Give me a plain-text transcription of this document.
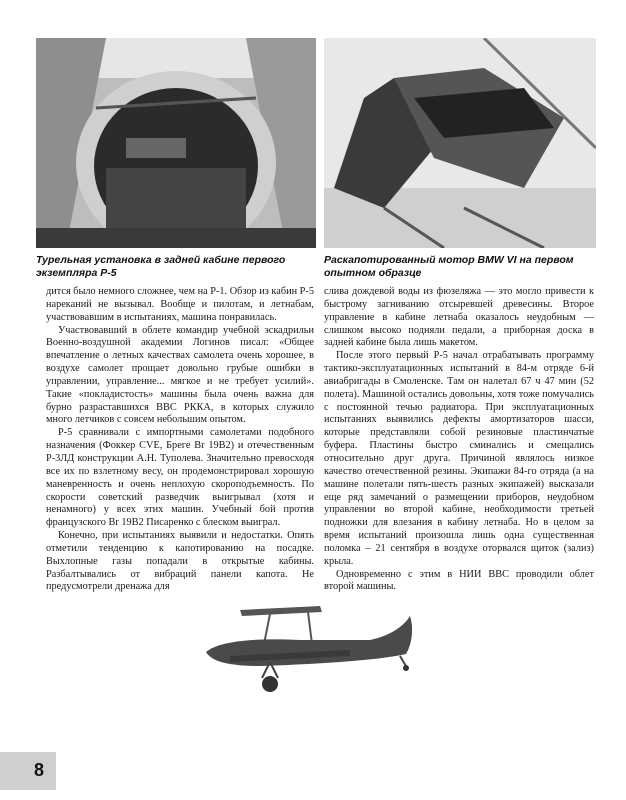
Турельная установка в задней кабине первого экземпляра Р-5
Раскапотированный мотор BMW VI на первом опытном образце

дится было немного сложнее, чем на Р-1. Обзор из кабин Р-5 нареканий не вызывал. Вообще и пилотам, и летнабам, участвовавшим в испытаниях, машина понравилась.

Участвовавший в облете командир учебной эскадрильи Военно-воздушной академии Логинов писал: «Общее впечатление о летных качествах самолета очень хорошее, в воздухе самолет прощает довольно грубые ошибки в управлении, управление... мягкое и не требует усилий». Такие «покладистость» машины была очень важна для бурно разраставшихся ВВС РККА, в которых служило много летчиков с совсем небольшим опытом.

Р-5 сравнивали с импортными самолетами подобного назначения (Фоккер CVE, Бреге Br 19B2) и отечественным Р-3ЛД конструкции А.Н. Туполева. Значительно превосходя все их по взлетному весу, он продемонстрировал хорошую маневренность и очень неплохую скороподъемность. По скорости советский разведчик выигрывал (хотя и ненамного) у всех этих машин. Учебный бой против французского Br 19B2 Писаренко с блеском выиграл.

Конечно, при испытаниях выявили и недостатки. Опять отметили тенденцию к капотированию на посадке. Выхлопные газы попадали в открытые кабины. Разбалтывались от вибраций панели капота. Не предусмотрели дренажа для

слива дождевой воды из фюзеляжа — это могло привести к быстрому загниванию отсыревшей древесины. Второе управление в кабине летнаба оказалось неудобным — слишком высоко подняли педали, а приборная доска в задней кабине была лишь макетом.

После этого первый Р-5 начал отрабатывать программу тактико-эксплуатационных испытаний в 84-м отряде 6-й авиабригады в Смоленске. Там он налетал 67 ч 47 мин (52 полета). Машиной остались довольны, хотя тоже помучались с постоянной течью радиатора. При эксплуатационных испытаниях выявились дефекты амортизаторов шасси, которые представляли собой резиновые пластинчатые буфера. Пластины быстро сминались и смещались относительно друг друга. Причиной являлось низкое качество отечественной резины. Экипажи 84-го отряда (а на машине полетали пять-шесть разных экипажей) высказали еще ряд замечаний о размещении приборов, неудобном управлении во второй кабине, необходимости третьей подножки для влезания в кабину летнаба. Но в целом за время испытаний произошла лишь одна существенная поломка – 21 сентября в воздухе оторвался щиток (зализ) крыла.

Одновременно с этим в НИИ ВВС проводили облет второй машины.

8
